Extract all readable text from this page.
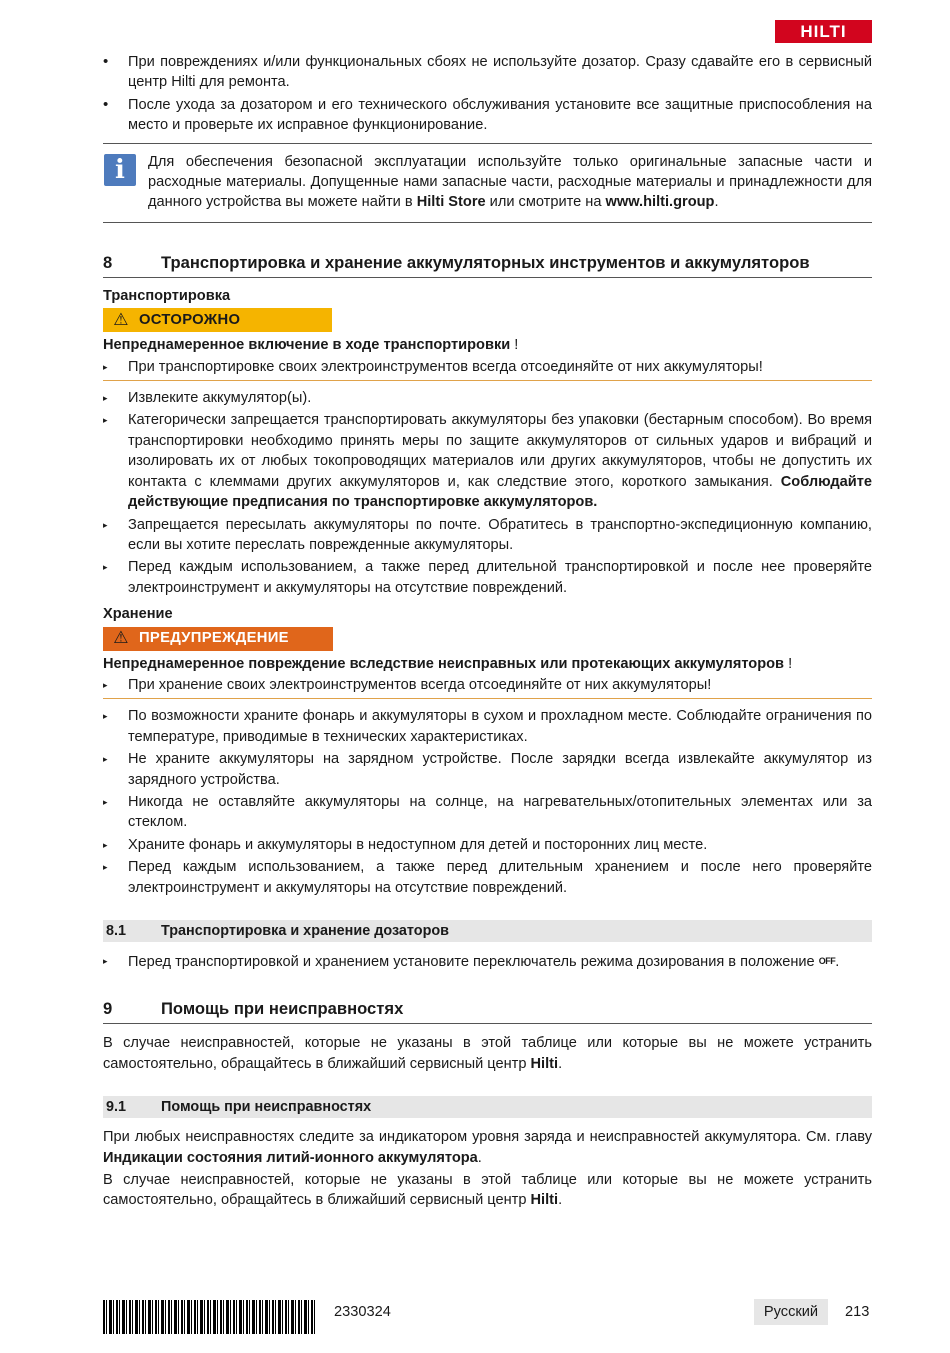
HILTI

•	При повреждениях и/или функциональных сбоях не используйте дозатор. Сразу сдавайте его в сервисный центр Hilti для ремонта.

•	После ухода за дозатором и его технического обслуживания установите все защитные приспособления на место и проверьте их исправное функционирование.

i	Для обеспечения безопасной эксплуатации используйте только оригинальные запасные части и расходные материалы. Допущенные нами запасные части, расходные материалы и принадлежности для данного устройства вы можете найти в Hilti Store или смотрите на www.hilti.group.
8	Транспортировка и хранение аккумуляторных инструментов и аккумуляторов

Транспортировка

⚠ ОСТОРОЖНО

Непреднамеренное включение в ходе транспортировки !

▸	При транспортировке своих электроинструментов всегда отсоединяйте от них аккумуляторы!

▸	Извлеките аккумулятор(ы).

▸	Категорически запрещается транспортировать аккумуляторы без упаковки (бестарным способом). Во время транспортировки необходимо принять меры по защите аккумуляторов от сильных ударов и вибраций и изолировать их от любых токопроводящих материалов или других аккумуляторов, чтобы не допустить их контакта с клеммами других аккумуляторов и, как следствие этого, короткого замыкания. Соблюдайте действующие предписания по транспортировке аккумуляторов.

▸	Запрещается пересылать аккумуляторы по почте. Обратитесь в транспортно-экспедиционную компанию, если вы хотите переслать поврежденные аккумуляторы.

▸	Перед каждым использованием, а также перед длительной транспортировкой и после нее проверяйте электроинструмент и аккумуляторы на отсутствие повреждений.

Хранение

⚠ ПРЕДУПРЕЖДЕНИЕ

Непреднамеренное повреждение вследствие неисправных или протекающих аккумуляторов !

▸	При хранение своих электроинструментов всегда отсоединяйте от них аккумуляторы!

▸	По возможности храните фонарь и аккумуляторы в сухом и прохладном месте. Соблюдайте ограничения по температуре, приводимые в технических характеристиках.

▸	Не храните аккумуляторы на зарядном устройстве. После зарядки всегда извлекайте аккумулятор из зарядного устройства.

▸	Никогда не оставляйте аккумуляторы на солнце, на нагревательных/отопительных элементах или за стеклом.

▸	Храните фонарь и аккумуляторы в недоступном для детей и посторонних лиц месте.

▸	Перед каждым использованием, а также перед длительным хранением и после него проверяйте электроинструмент и аккумуляторы на отсутствие повреждений.

8.1	Транспортировка и хранение дозаторов

▸	Перед транспортировкой и хранением установите переключатель режима дозирования в положение OFF.

9	Помощь при неисправностях

В случае неисправностей, которые не указаны в этой таблице или которые вы не можете устранить самостоятельно, обращайтесь в ближайший сервисный центр Hilti.

9.1	Помощь при неисправностях

При любых неисправностях следите за индикатором уровня заряда и неисправностей аккумулятора. См. главу Индикации состояния литий-ионного аккумулятора.

В случае неисправностей, которые не указаны в этой таблице или которые вы не можете устранить самостоятельно, обращайтесь в ближайший сервисный центр Hilti.

2330324	Русский	213
